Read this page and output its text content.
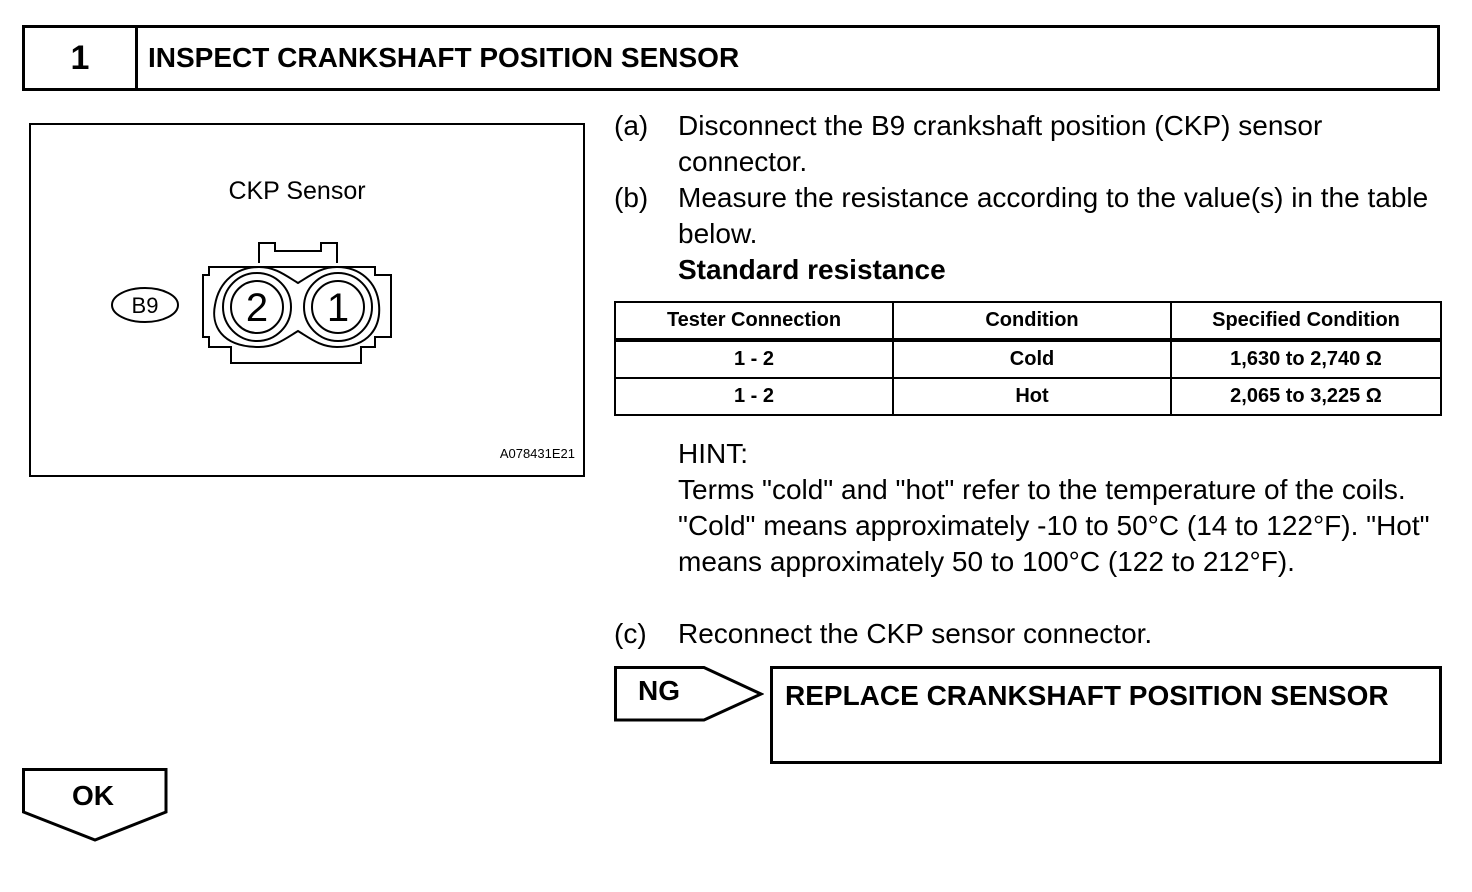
1	INSPECT CRANKSHAFT POSITION SENSOR
B9 2 1
CKP Sensor
A078431E21
(a)	Disconnect the B9 crankshaft position (CKP) sensor connector.
(b)	Measure the resistance according to the value(s) in the table below.
Standard resistance
Tester Connection	Condition	Specified Condition
1 - 2	Cold	1,630 to 2,740 Ω
1 - 2	Hot	2,065 to 3,225 Ω
HINT:
Terms "cold" and "hot" refer to the temperature of the coils. "Cold" means approximately -10 to 50°C (14 to 122°F). "Hot" means approximately 50 to 100°C (122 to 212°F).
(c)	Reconnect the CKP sensor connector.
NG	REPLACE CRANKSHAFT POSITION SENSOR
OK
